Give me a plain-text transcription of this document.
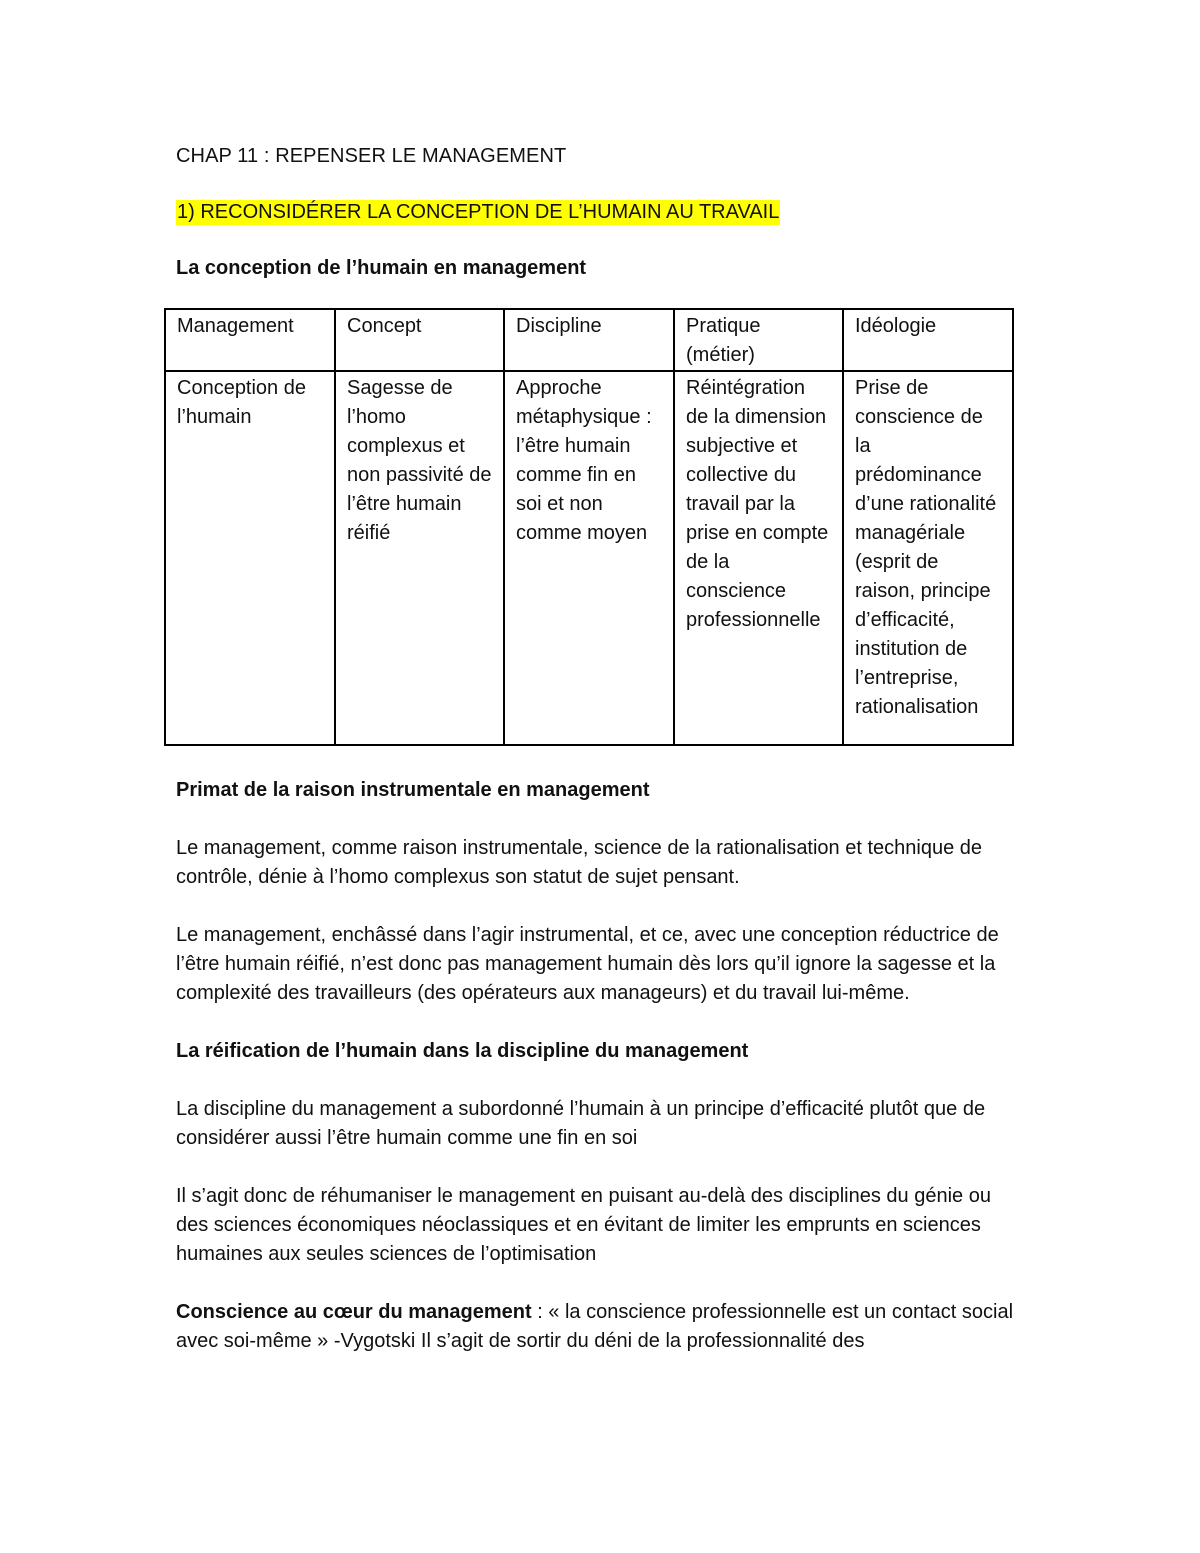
CHAP 11 : REPENSER LE MANAGEMENT
1) RECONSIDÉRER LA CONCEPTION DE L’HUMAIN AU TRAVAIL
La conception de l’humain en management
Management	Concept	Discipline	Pratique (métier)	Idéologie
Conception de l’humain	Sagesse de l’homo complexus et non passivité de l’être humain réifié	Approche métaphysique : l’être humain comme fin en soi et non comme moyen	Réintégration de la dimension subjective et collective du travail par la prise en compte de la conscience professionnelle	Prise de conscience de la prédominance d’une rationalité managériale (esprit de raison, principe d’efficacité, institution de l’entreprise, rationalisation
Primat de la raison instrumentale en management
Le management, comme raison instrumentale, science de la rationalisation et technique de contrôle, dénie à l’homo complexus son statut de sujet pensant.
Le management, enchâssé dans l’agir instrumental, et ce, avec une conception réductrice de l’être humain réifié, n’est donc pas management humain dès lors qu’il ignore la sagesse et la complexité des travailleurs (des opérateurs aux manageurs) et du travail lui-même.
La réification de l’humain dans la discipline du management
La discipline du management a subordonné l’humain à un principe d’efficacité plutôt que de considérer aussi l’être humain comme une fin en soi
Il s’agit donc de réhumaniser le management en puisant au-delà des disciplines du génie ou des sciences économiques néoclassiques et en évitant de limiter les emprunts en sciences humaines aux seules sciences de l’optimisation
Conscience au cœur du management : « la conscience professionnelle est un contact social avec soi-même » -Vygotski Il s’agit de sortir du déni de la professionnalité des
